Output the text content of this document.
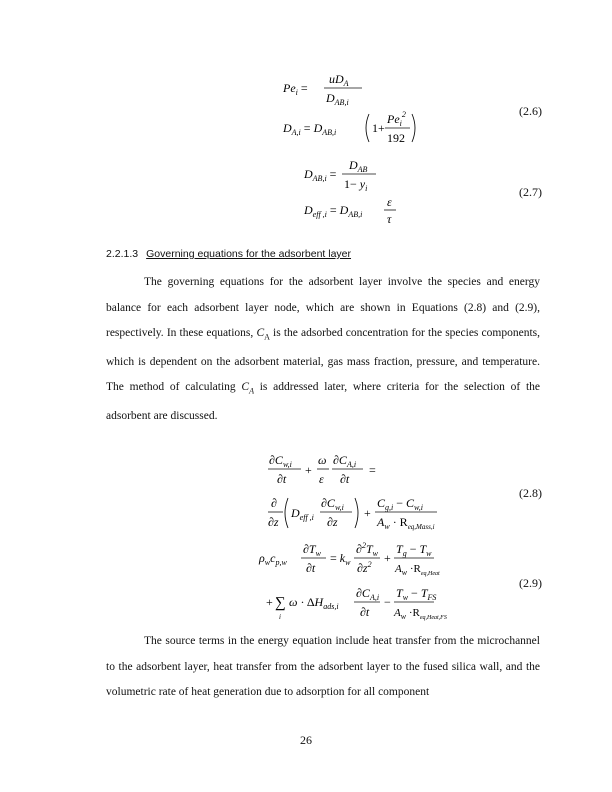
$Pe_i$ =
$uD_A$
$D_{AB,i}$
$D_{A,i} = D_{AB,i}$	1+
$Pe_i^2$
192
(2.6)
$D_{AB,i}$ =
$D_{AB}$
$1- y_i$
$D_{eff ,i} = D_{AB,i}$
ε
τ
(2.7)
2.2.1.3 Governing equations for the adsorbent layer

The governing equations for the adsorbent layer involve the species and energy balance for each adsorbent layer node, which are shown in Equations (2.8) and (2.9), respectively. In these equations, $C_A$ is the adsorbed concentration for the species components, which is dependent on the adsorbent material, gas mass fraction, pressure, and temperature. The method of calculating $C_A$ is addressed later, where criteria for the selection of the adsorbent are discussed.

$\partial C_{w,i}$
∂t
+
ω
ε
$\partial C_{A,i}$
∂t
=
∂
∂z
$D_{eff ,i}$
$\partial C_{w,i}$
∂z
+
$C_{g,i} - C_{w,i}$
$A_w \cdot R_{eq,Mass,i}$
(2.8)
$\rho_wc_{p,w}$
$\partial T_w$
∂t
= $k_w$
$\partial^2T_w$
$\partial z^2$ +
$T_g - T_w$
$A_w \cdot R_{eq,Heat}$
+ ∑
i
$\omega \cdot \Delta H_{ads,i}$
$\partial C_{A,i}$
∂t
−
$T_w - T_{FS}$
$A_w \cdot R_{eq,Heat,FS}$
(2.9)

The source terms in the energy equation include heat transfer from the microchannel to the adsorbent layer, heat transfer from the adsorbent layer to the fused silica wall, and the volumetric rate of heat generation due to adsorption for all component

26
